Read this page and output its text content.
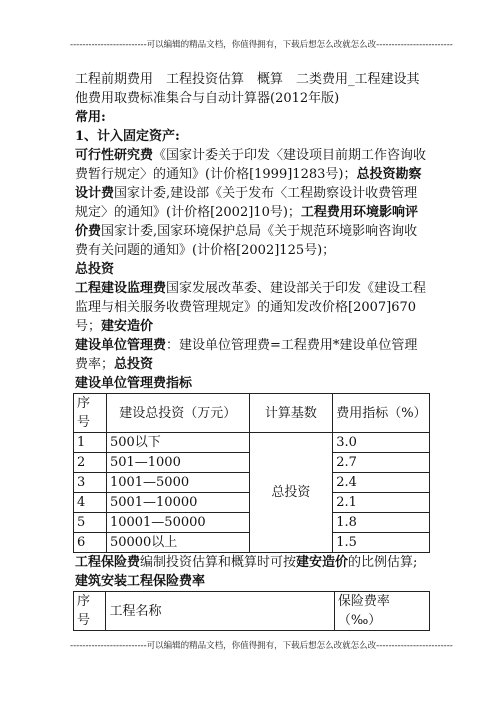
-------------------------可以编辑的精品文档，你值得拥有，下载后想怎么改就怎么改-------------------------

工程前期费用　工程投资估算　概算　二类费用_工程建设其他费用取费标准集合与自动计算器(2012年版)

常用:

1、计入固定资产:

可行性研究费《国家计委关于印发〈建设项目前期工作咨询收费暂行规定〉的通知》(计价格[1999]1283号)；总投资勘察设计费国家计委,建设部《关于发布〈工程勘察设计收费管理规定〉的通知》(计价格[2002]10号)；工程费用环境影响评价费国家计委,国家环境保护总局《关于规范环境影响咨询收费有关问题的通知》(计价格[2002]125号)；

总投资

工程建设监理费国家发展改革委、建设部关于印发《建设工程监理与相关服务收费管理规定》的通知发改价格[2007]670号；建安造价

建设单位管理费：建设单位管理费=工程费用*建设单位管理费率；总投资

建设单位管理费指标

序号	建设总投资（万元）	计算基数	费用指标（%）
1	500以下	总投资	3.0
2	501—1000		2.7
3	1001—5000		2.4
4	5001—10000		2.1
5	10001—50000		1.8
6	50000以上		1.5

工程保险费编制投资估算和概算时可按建安造价的比例估算;

建筑安装工程保险费率

序号	工程名称	保险费率（‰）
-------------------------可以编辑的精品文档，你值得拥有，下载后想怎么改就怎么改-------------------------
